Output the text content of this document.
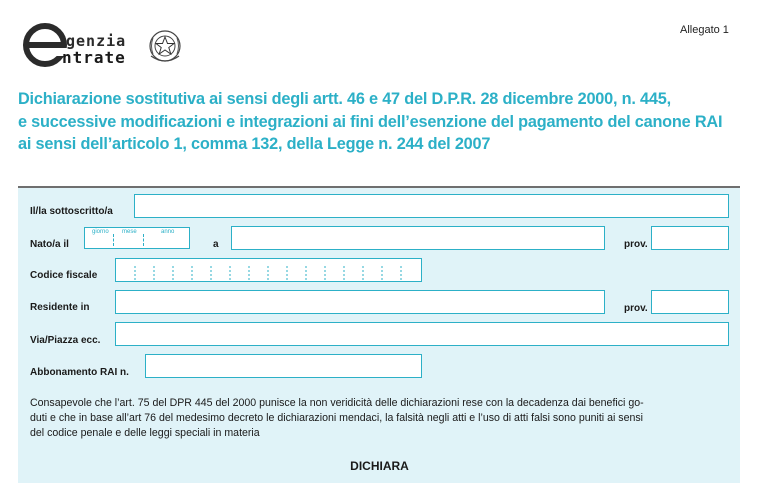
genzia
ntrate
Allegato 1
Dichiarazione sostitutiva ai sensi degli artt. 46 e 47 del D.P.R. 28 dicembre 2000, n. 445,
e successive modificazioni e integrazioni ai fini dell’esenzione del pagamento del canone RAI
ai sensi dell’articolo 1, comma 132, della Legge n. 244 del 2007
Il/la sottoscritto/a
Nato/a il
giorno mese	anno
a	prov.
Codice fiscale
Residente in	prov.
Via/Piazza ecc.
Abbonamento RAI n.
Consapevole che l’art. 75 del DPR 445 del 2000 punisce la non veridicità delle dichiarazioni rese con la decadenza dai benefici go-
duti e che in base all’art 76 del medesimo decreto le dichiarazioni mendaci, la falsità negli atti e l’uso di atti falsi sono puniti ai sensi
del codice penale e delle leggi speciali in materia
DICHIARA
